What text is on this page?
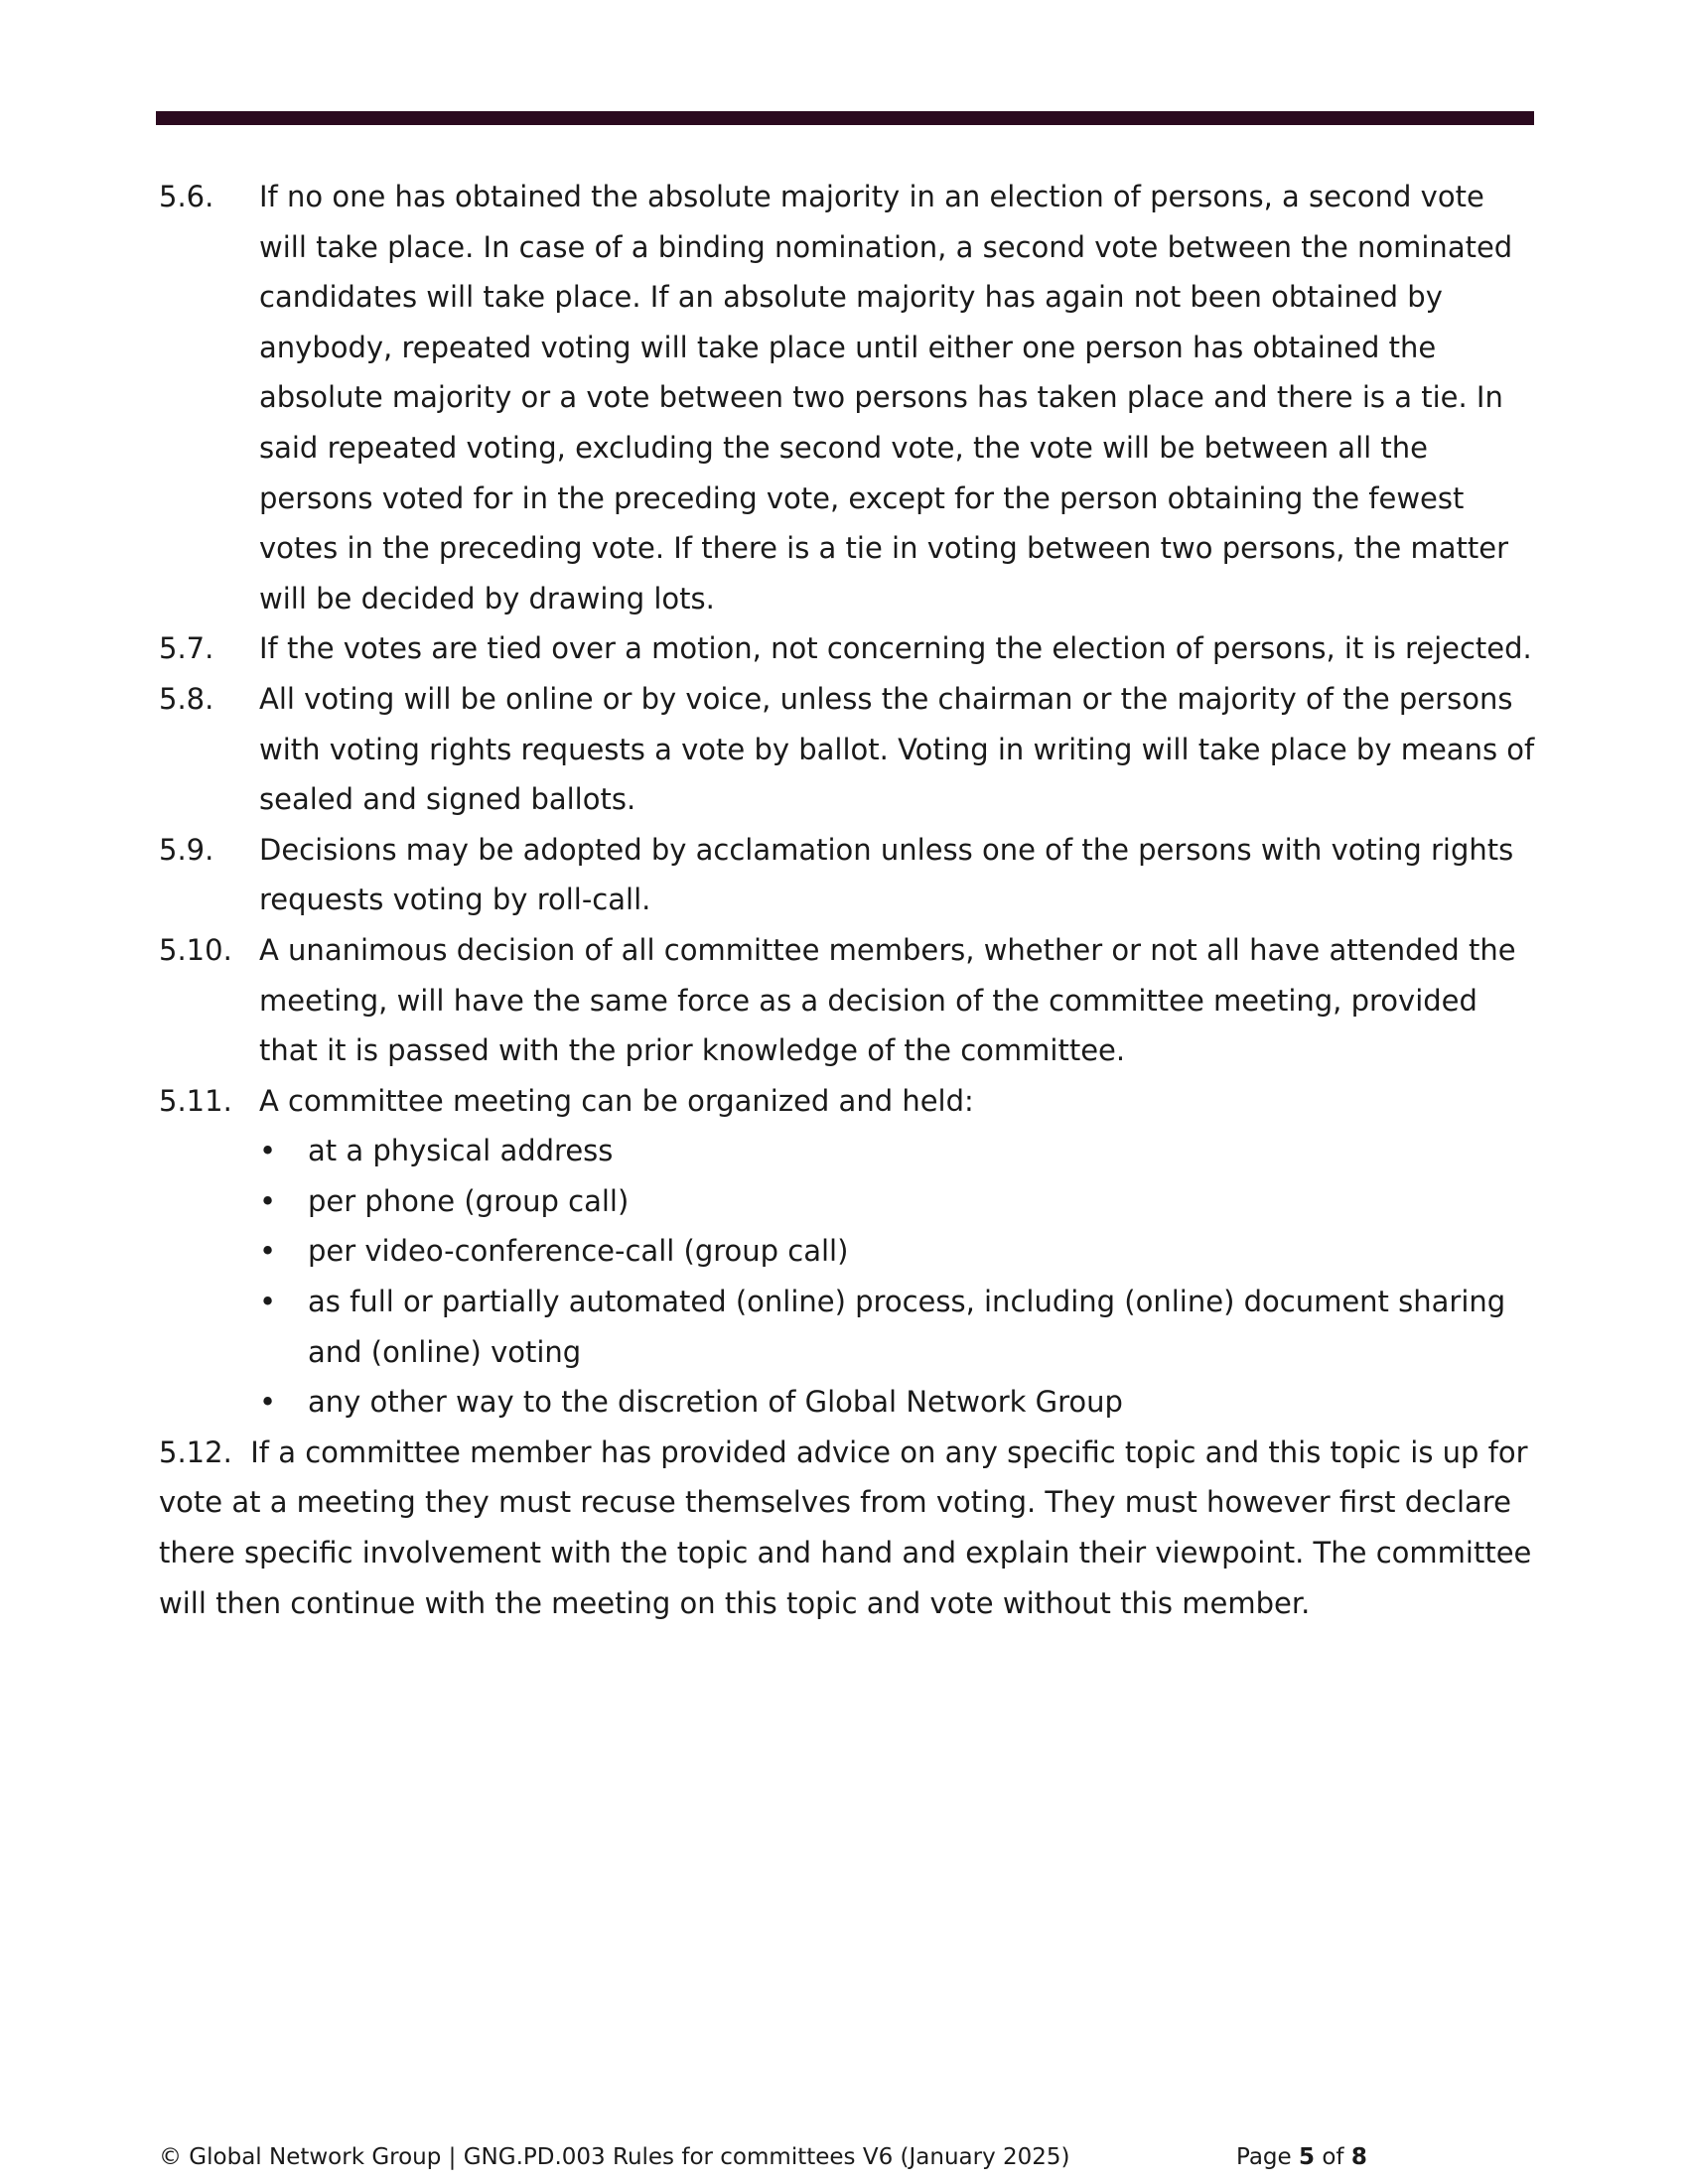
5.6.	If no one has obtained the absolute majority in an election of persons, a second vote will take place. In case of a binding nomination, a second vote between the nominated candidates will take place. If an absolute majority has again not been obtained by anybody, repeated voting will take place until either one person has obtained the absolute majority or a vote between two persons has taken place and there is a tie. In said repeated voting, excluding the second vote, the vote will be between all the persons voted for in the preceding vote, except for the person obtaining the fewest votes in the preceding vote. If there is a tie in voting between two persons, the matter will be decided by drawing lots.
5.7.	If the votes are tied over a motion, not concerning the election of persons, it is rejected.
5.8.	All voting will be online or by voice, unless the chairman or the majority of the persons with voting rights requests a vote by ballot. Voting in writing will take place by means of sealed and signed ballots.
5.9.	Decisions may be adopted by acclamation unless one of the persons with voting rights requests voting by roll-call.
5.10. A unanimous decision of all committee members, whether or not all have attended the meeting, will have the same force as a decision of the committee meeting, provided that it is passed with the prior knowledge of the committee.
5.11. A committee meeting can be organized and held:
•	at a physical address
•	per phone (group call)
•	per video-conference-call (group call)
•	as full or partially automated (online) process, including (online) document sharing and (online) voting
•	any other way to the discretion of Global Network Group

5.12. If a committee member has provided advice on any specific topic and this topic is up for vote at a meeting they must recuse themselves from voting. They must however first declare there specific involvement with the topic and hand and explain their viewpoint. The committee will then continue with the meeting on this topic and vote without this member.

© Global Network Group | GNG.PD.003 Rules for committees V6 (January 2025)	Page 5 of 8
